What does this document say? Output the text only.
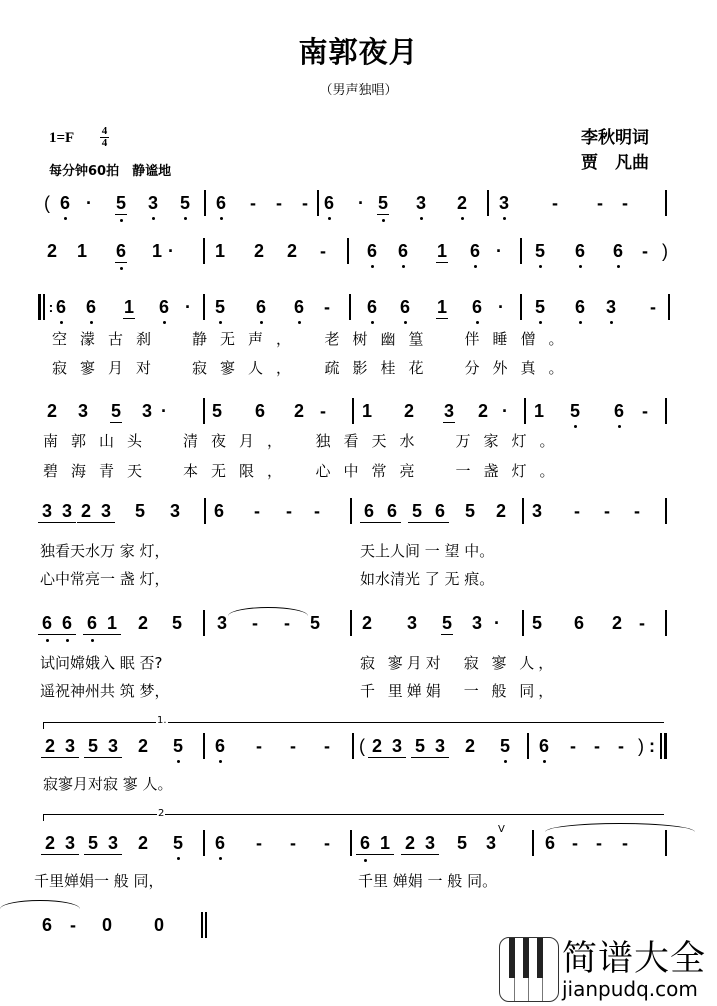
南郭夜月
（男声独唱）
1=F	4
4
每分钟60拍　静谧地
李秋明词
贾　凡曲
( 6 · 5 3 5 6 - - - 6 · 5 3 2 3 - - -
2 1 6 1 · 1 2 2 - 6 6 1 6 · 5 6 6 - )
: 6 6 1 6 · 5 6 6 - 6 6 1 6 · 5 6 3 -
空濛古刹　静无声，　老树幽篁　伴睡僧。
寂寥月对　寂寥人，　疏影桂花　分外真。
2 3 5 3 · 5 6 2 - 1 2 3 2 · 1 5 6 -
南郭山头　清夜月，　独看天水　万家灯。
碧海青天　本无限，　心中常亮　一盏灯。
3 3 2 3 5 3 6 - - - 6 6 5 6 5 2 3 - - -
独看天水万 家 灯，	天上人间 一 望 中。
心中常亮一 盏 灯，	如水清光 了 无 痕。
6 6 6 1 2 5 3 - - 5 2 3 5 3 · 5 6 2 -
试问嫦娥入 眠 否?	寂 寥月对　寂 寥 人，
遥祝神州共 筑 梦，	千 里婵娟　一 般 同，
1.
2 3 5 3 2 5 6 - - - ( 2 3 5 3 2 5 6 - - - ) :
寂寥月对寂 寥 人。
2
2 3 5 3 2 5 6 - - - 6 1 2 3 5 3
V
6 - - -
千里婵娟一 般 同，	千里 婵娟 一 般 同。
6 - 0 0
简谱大全
jianpudq.com
